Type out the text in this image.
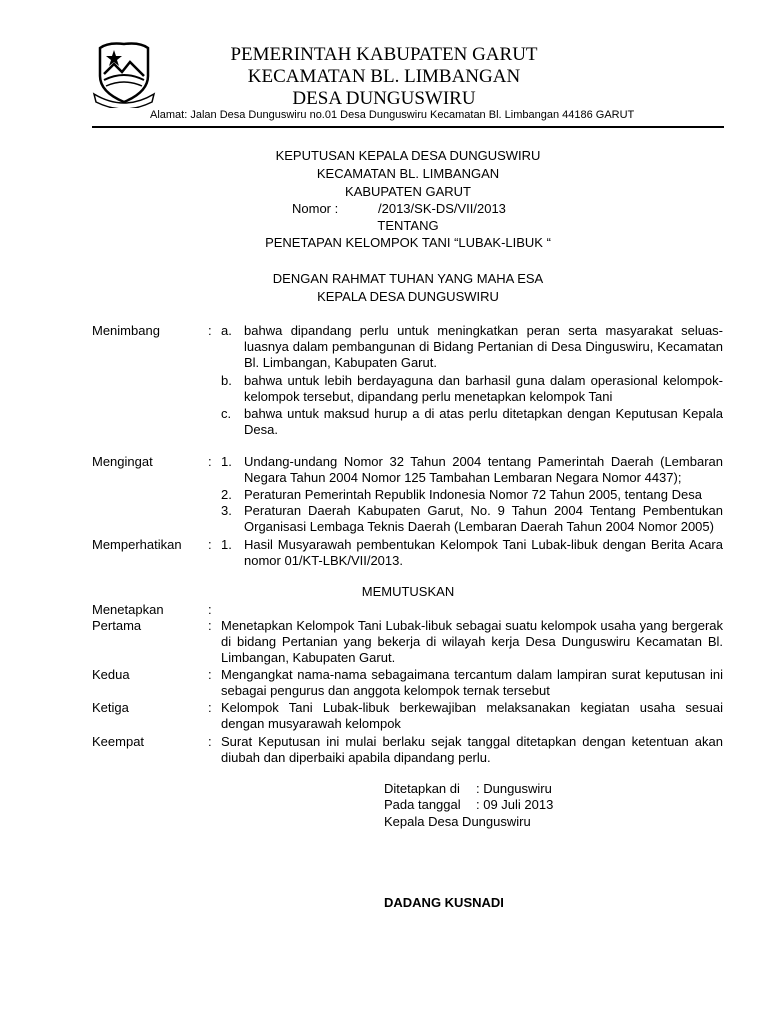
PEMERINTAH KABUPATEN GARUT
KECAMATAN BL. LIMBANGAN
DESA DUNGUSWIRU
Alamat: Jalan Desa Dunguswiru no.01 Desa Dunguswiru Kecamatan Bl. Limbangan 44186 GARUT
KEPUTUSAN KEPALA DESA DUNGUSWIRU
KECAMATAN BL. LIMBANGAN
KABUPATEN GARUT
Nomor :	/2013/SK-DS/VII/2013
TENTANG
PENETAPAN KELOMPOK TANI “LUBAK-LIBUK “
DENGAN RAHMAT TUHAN YANG MAHA ESA
KEPALA DESA DUNGUSWIRU
Menimbang	: a. bahwa dipandang perlu untuk meningkatkan peran serta masyarakat seluas-luasnya dalam pembangunan di Bidang Pertanian di Desa Dinguswiru, Kecamatan Bl. Limbangan, Kabupaten Garut.
b. bahwa untuk lebih berdayaguna dan barhasil guna dalam operasional kelompok-kelompok tersebut, dipandang perlu menetapkan kelompok Tani
c. bahwa untuk maksud hurup a di atas perlu ditetapkan dengan Keputusan Kepala Desa.
Mengingat	: 1. Undang-undang Nomor 32 Tahun 2004 tentang Pamerintah Daerah (Lembaran Negara Tahun 2004 Nomor 125 Tambahan Lembaran Negara Nomor 4437);
2. Peraturan Pemerintah Republik Indonesia Nomor 72 Tahun 2005, tentang Desa
3. Peraturan Daerah Kabupaten Garut, No. 9 Tahun 2004 Tentang Pembentukan Organisasi Lembaga Teknis Daerah (Lembaran Daerah Tahun 2004 Nomor 2005)
Memperhatikan : 1. Hasil Musyarawah pembentukan Kelompok Tani Lubak-libuk dengan Berita Acara nomor 01/KT-LBK/VII/2013.
MEMUTUSKAN
Menetapkan	:
Pertama	: Menetapkan Kelompok Tani Lubak-libuk sebagai suatu kelompok usaha yang bergerak di bidang Pertanian yang bekerja di wilayah kerja Desa Dunguswiru Kecamatan Bl. Limbangan, Kabupaten Garut.
Kedua	: Mengangkat nama-nama sebagaimana tercantum dalam lampiran surat keputusan ini sebagai pengurus dan anggota kelompok ternak tersebut
Ketiga	: Kelompok Tani Lubak-libuk berkewajiban melaksanakan kegiatan usaha sesuai dengan musyarawah kelompok
Keempat	: Surat Keputusan ini mulai berlaku sejak tanggal ditetapkan dengan ketentuan akan diubah dan diperbaiki apabila dipandang perlu.
Ditetapkan di : Dunguswiru
Pada tanggal : 09 Juli 2013
Kepala Desa Dunguswiru
DADANG KUSNADI
